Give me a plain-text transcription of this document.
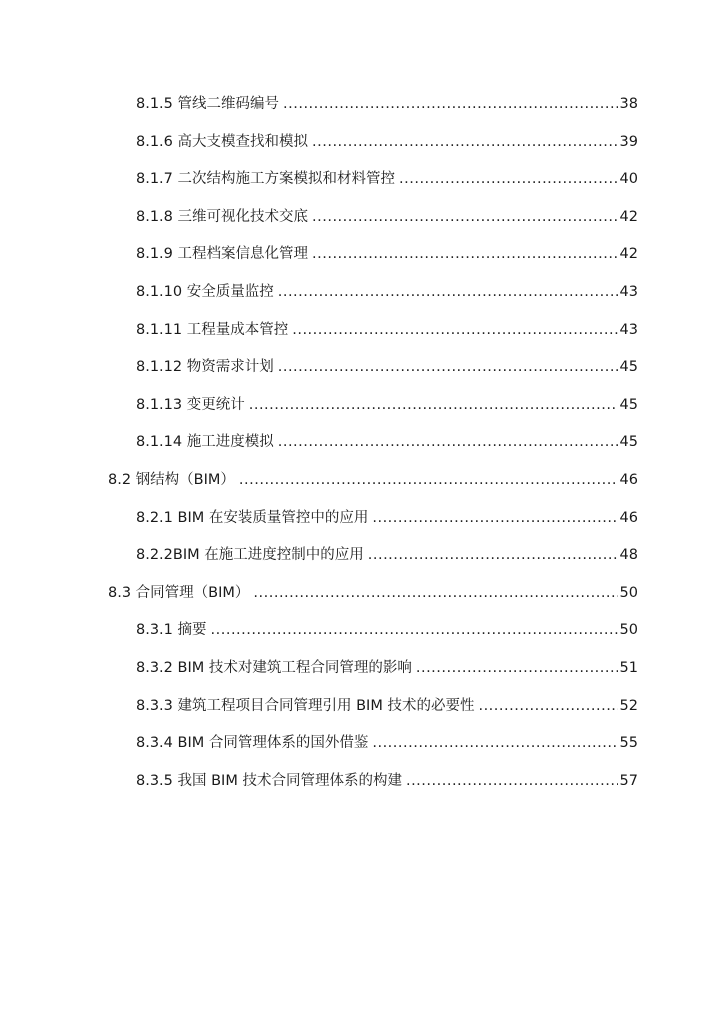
8.1.5 管线二维码编号 .....	38
8.1.6 高大支模查找和模拟 .....	39
8.1.7 二次结构施工方案模拟和材料管控 .....	40
8.1.8 三维可视化技术交底 .....	42
8.1.9 工程档案信息化管理 .....	42
8.1.10 安全质量监控 .....	43
8.1.11 工程量成本管控 .....	43
8.1.12 物资需求计划 .....	45
8.1.13 变更统计 .....	45
8.1.14 施工进度模拟 .....	45
8.2 钢结构（BIM） .....	46
8.2.1 BIM 在安装质量管控中的应用 .....	46
8.2.2BIM 在施工进度控制中的应用 .....	48
8.3 合同管理（BIM） .....	50
8.3.1 摘要 .....	50
8.3.2 BIM 技术对建筑工程合同管理的影响 .....	51
8.3.3 建筑工程项目合同管理引用 BIM 技术的必要性 .....	52
8.3.4 BIM 合同管理体系的国外借鉴 .....	55
8.3.5 我国 BIM 技术合同管理体系的构建 .....	57
